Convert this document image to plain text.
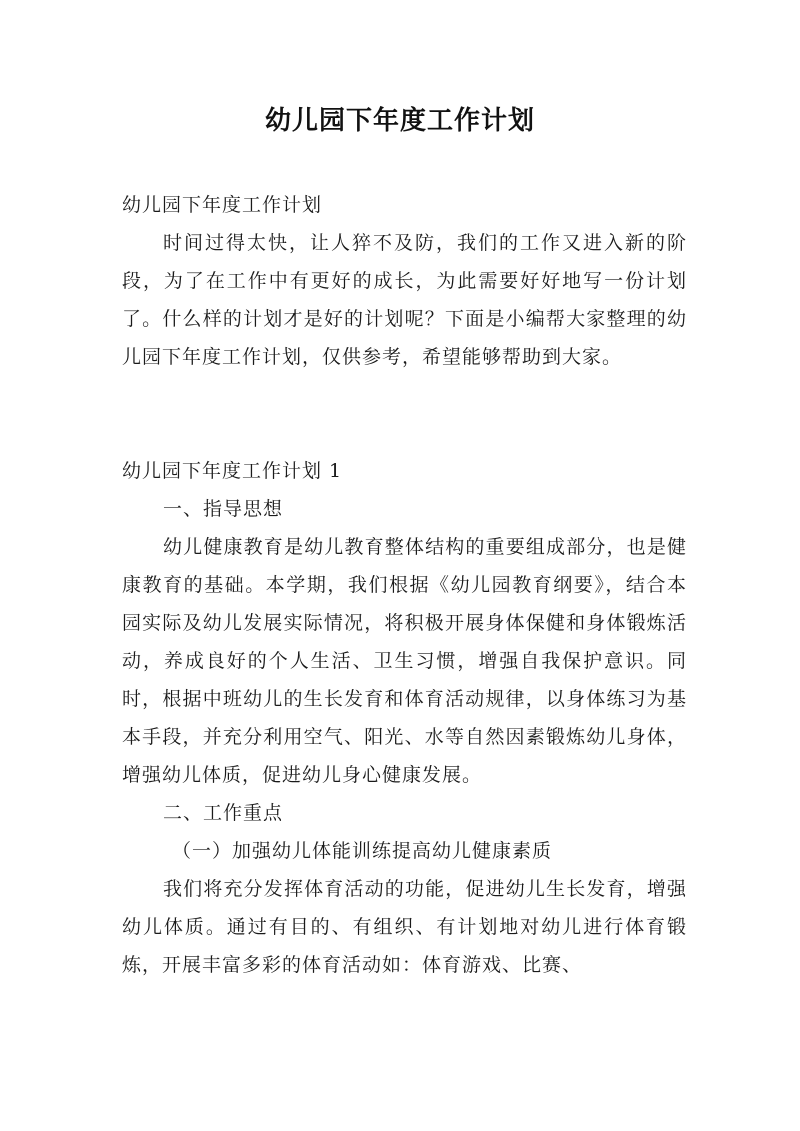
幼儿园下年度工作计划

幼儿园下年度工作计划

时间过得太快，让人猝不及防，我们的工作又进入新的阶段，为了在工作中有更好的成长，为此需要好好地写一份计划了。什么样的计划才是好的计划呢？下面是小编帮大家整理的幼儿园下年度工作计划，仅供参考，希望能够帮助到大家。

幼儿园下年度工作计划 1

一、指导思想

幼儿健康教育是幼儿教育整体结构的重要组成部分，也是健康教育的基础。本学期，我们根据《幼儿园教育纲要》，结合本园实际及幼儿发展实际情况，将积极开展身体保健和身体锻炼活动，养成良好的个人生活、卫生习惯，增强自我保护意识。同时，根据中班幼儿的生长发育和体育活动规律，以身体练习为基本手段，并充分利用空气、阳光、水等自然因素锻炼幼儿身体，增强幼儿体质，促进幼儿身心健康发展。

二、工作重点

（一）加强幼儿体能训练提高幼儿健康素质

我们将充分发挥体育活动的功能，促进幼儿生长发育，增强幼儿体质。通过有目的、有组织、有计划地对幼儿进行体育锻炼，开展丰富多彩的体育活动如：体育游戏、比赛、
